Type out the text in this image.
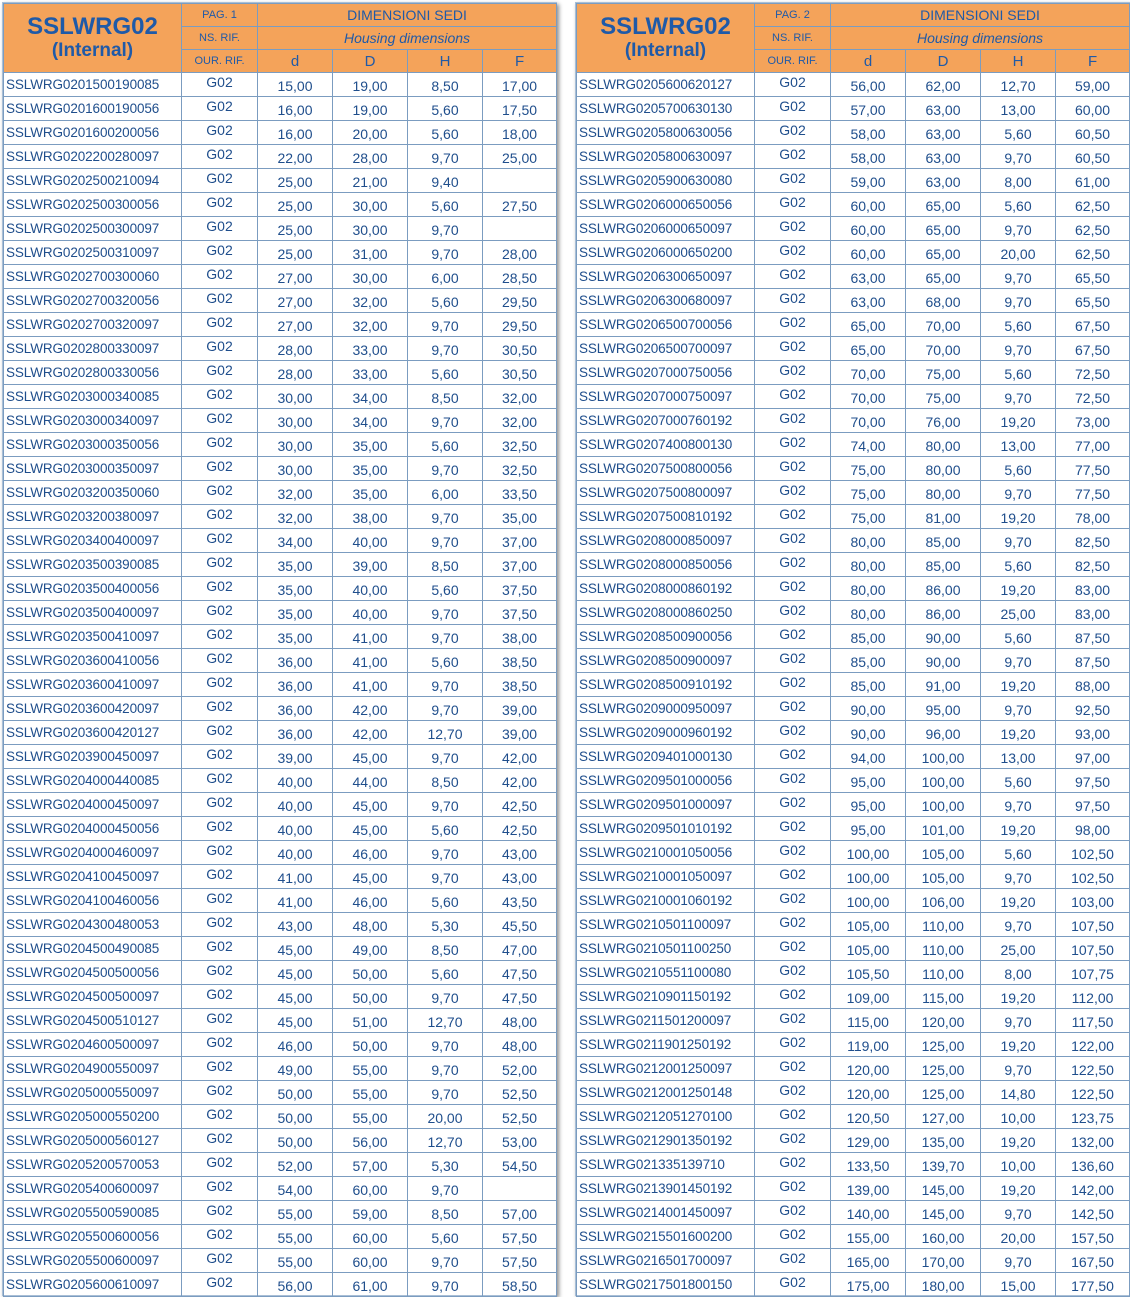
SSLWRG02
(Internal)	PAG. 1	DIMENSIONI SEDI			
	NS. RIF.	Housing dimensions			
	OUR. RIF.	d	D	H	F
SSLWRG0201500190085	G02	15,00	19,00	8,50	17,00
SSLWRG0201600190056	G02	16,00	19,00	5,60	17,50
SSLWRG0201600200056	G02	16,00	20,00	5,60	18,00
SSLWRG0202200280097	G02	22,00	28,00	9,70	25,00
SSLWRG0202500210094	G02	25,00	21,00	9,40	
SSLWRG0202500300056	G02	25,00	30,00	5,60	27,50
SSLWRG0202500300097	G02	25,00	30,00	9,70	
SSLWRG0202500310097	G02	25,00	31,00	9,70	28,00
SSLWRG0202700300060	G02	27,00	30,00	6,00	28,50
SSLWRG0202700320056	G02	27,00	32,00	5,60	29,50
SSLWRG0202700320097	G02	27,00	32,00	9,70	29,50
SSLWRG0202800330097	G02	28,00	33,00	9,70	30,50
SSLWRG0202800330056	G02	28,00	33,00	5,60	30,50
SSLWRG0203000340085	G02	30,00	34,00	8,50	32,00
SSLWRG0203000340097	G02	30,00	34,00	9,70	32,00
SSLWRG0203000350056	G02	30,00	35,00	5,60	32,50
SSLWRG0203000350097	G02	30,00	35,00	9,70	32,50
SSLWRG0203200350060	G02	32,00	35,00	6,00	33,50
SSLWRG0203200380097	G02	32,00	38,00	9,70	35,00
SSLWRG0203400400097	G02	34,00	40,00	9,70	37,00
SSLWRG0203500390085	G02	35,00	39,00	8,50	37,00
SSLWRG0203500400056	G02	35,00	40,00	5,60	37,50
SSLWRG0203500400097	G02	35,00	40,00	9,70	37,50
SSLWRG0203500410097	G02	35,00	41,00	9,70	38,00
SSLWRG0203600410056	G02	36,00	41,00	5,60	38,50
SSLWRG0203600410097	G02	36,00	41,00	9,70	38,50
SSLWRG0203600420097	G02	36,00	42,00	9,70	39,00
SSLWRG0203600420127	G02	36,00	42,00	12,70	39,00
SSLWRG0203900450097	G02	39,00	45,00	9,70	42,00
SSLWRG0204000440085	G02	40,00	44,00	8,50	42,00
SSLWRG0204000450097	G02	40,00	45,00	9,70	42,50
SSLWRG0204000450056	G02	40,00	45,00	5,60	42,50
SSLWRG0204000460097	G02	40,00	46,00	9,70	43,00
SSLWRG0204100450097	G02	41,00	45,00	9,70	43,00
SSLWRG0204100460056	G02	41,00	46,00	5,60	43,50
SSLWRG0204300480053	G02	43,00	48,00	5,30	45,50
SSLWRG0204500490085	G02	45,00	49,00	8,50	47,00
SSLWRG0204500500056	G02	45,00	50,00	5,60	47,50
SSLWRG0204500500097	G02	45,00	50,00	9,70	47,50
SSLWRG0204500510127	G02	45,00	51,00	12,70	48,00
SSLWRG0204600500097	G02	46,00	50,00	9,70	48,00
SSLWRG0204900550097	G02	49,00	55,00	9,70	52,00
SSLWRG0205000550097	G02	50,00	55,00	9,70	52,50
SSLWRG0205000550200	G02	50,00	55,00	20,00	52,50
SSLWRG0205000560127	G02	50,00	56,00	12,70	53,00
SSLWRG0205200570053	G02	52,00	57,00	5,30	54,50
SSLWRG0205400600097	G02	54,00	60,00	9,70	
SSLWRG0205500590085	G02	55,00	59,00	8,50	57,00
SSLWRG0205500600056	G02	55,00	60,00	5,60	57,50
SSLWRG0205500600097	G02	55,00	60,00	9,70	57,50
SSLWRG0205600610097	G02	56,00	61,00	9,70	58,50
SSLWRG02
(Internal)	PAG. 2	DIMENSIONI SEDI			
	NS. RIF.	Housing dimensions			
	OUR. RIF.	d	D	H	F
SSLWRG0205600620127	G02	56,00	62,00	12,70	59,00
SSLWRG0205700630130	G02	57,00	63,00	13,00	60,00
SSLWRG0205800630056	G02	58,00	63,00	5,60	60,50
SSLWRG0205800630097	G02	58,00	63,00	9,70	60,50
SSLWRG0205900630080	G02	59,00	63,00	8,00	61,00
SSLWRG0206000650056	G02	60,00	65,00	5,60	62,50
SSLWRG0206000650097	G02	60,00	65,00	9,70	62,50
SSLWRG0206000650200	G02	60,00	65,00	20,00	62,50
SSLWRG0206300650097	G02	63,00	65,00	9,70	65,50
SSLWRG0206300680097	G02	63,00	68,00	9,70	65,50
SSLWRG0206500700056	G02	65,00	70,00	5,60	67,50
SSLWRG0206500700097	G02	65,00	70,00	9,70	67,50
SSLWRG0207000750056	G02	70,00	75,00	5,60	72,50
SSLWRG0207000750097	G02	70,00	75,00	9,70	72,50
SSLWRG0207000760192	G02	70,00	76,00	19,20	73,00
SSLWRG0207400800130	G02	74,00	80,00	13,00	77,00
SSLWRG0207500800056	G02	75,00	80,00	5,60	77,50
SSLWRG0207500800097	G02	75,00	80,00	9,70	77,50
SSLWRG0207500810192	G02	75,00	81,00	19,20	78,00
SSLWRG0208000850097	G02	80,00	85,00	9,70	82,50
SSLWRG0208000850056	G02	80,00	85,00	5,60	82,50
SSLWRG0208000860192	G02	80,00	86,00	19,20	83,00
SSLWRG0208000860250	G02	80,00	86,00	25,00	83,00
SSLWRG0208500900056	G02	85,00	90,00	5,60	87,50
SSLWRG0208500900097	G02	85,00	90,00	9,70	87,50
SSLWRG0208500910192	G02	85,00	91,00	19,20	88,00
SSLWRG0209000950097	G02	90,00	95,00	9,70	92,50
SSLWRG0209000960192	G02	90,00	96,00	19,20	93,00
SSLWRG0209401000130	G02	94,00	100,00	13,00	97,00
SSLWRG0209501000056	G02	95,00	100,00	5,60	97,50
SSLWRG0209501000097	G02	95,00	100,00	9,70	97,50
SSLWRG0209501010192	G02	95,00	101,00	19,20	98,00
SSLWRG0210001050056	G02	100,00	105,00	5,60	102,50
SSLWRG0210001050097	G02	100,00	105,00	9,70	102,50
SSLWRG0210001060192	G02	100,00	106,00	19,20	103,00
SSLWRG0210501100097	G02	105,00	110,00	9,70	107,50
SSLWRG0210501100250	G02	105,00	110,00	25,00	107,50
SSLWRG0210551100080	G02	105,50	110,00	8,00	107,75
SSLWRG0210901150192	G02	109,00	115,00	19,20	112,00
SSLWRG0211501200097	G02	115,00	120,00	9,70	117,50
SSLWRG0211901250192	G02	119,00	125,00	19,20	122,00
SSLWRG0212001250097	G02	120,00	125,00	9,70	122,50
SSLWRG0212001250148	G02	120,00	125,00	14,80	122,50
SSLWRG0212051270100	G02	120,50	127,00	10,00	123,75
SSLWRG0212901350192	G02	129,00	135,00	19,20	132,00
SSLWRG021335139710	G02	133,50	139,70	10,00	136,60
SSLWRG0213901450192	G02	139,00	145,00	19,20	142,00
SSLWRG0214001450097	G02	140,00	145,00	9,70	142,50
SSLWRG0215501600200	G02	155,00	160,00	20,00	157,50
SSLWRG0216501700097	G02	165,00	170,00	9,70	167,50
SSLWRG0217501800150	G02	175,00	180,00	15,00	177,50
